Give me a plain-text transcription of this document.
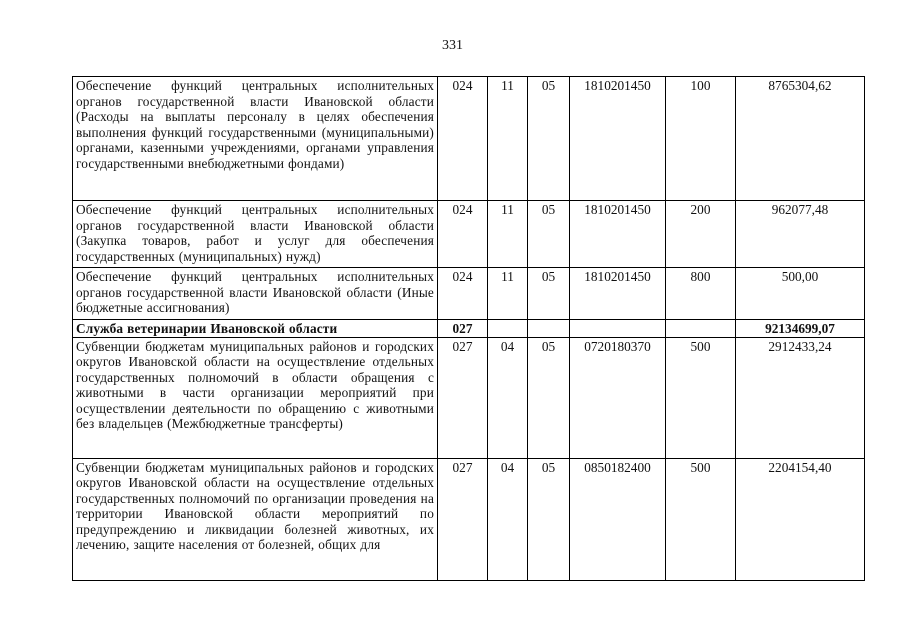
331
Обеспечение функций центральных исполнительных органов государственной власти Ивановской области (Расходы на выплаты персоналу в целях обеспечения выполнения функций государственными (муниципальными) органами, казенными учреждениями, органами управления государственными внебюджетными фондами)	024	11	05	1810201450	100	8765304,62
Обеспечение функций центральных исполнительных органов государственной власти Ивановской области (Закупка товаров, работ и услуг для обеспечения государственных (муниципальных) нужд)	024	11	05	1810201450	200	962077,48
Обеспечение функций центральных исполнительных органов государственной власти Ивановской области (Иные бюджетные ассигнования)	024	11	05	1810201450	800	500,00
Служба ветеринарии Ивановской области	027					92134699,07
Субвенции бюджетам муниципальных районов и городских округов Ивановской области на осуществление отдельных государственных полномочий в области обращения с животными в части организации мероприятий при осуществлении деятельности по обращению с животными без владельцев (Межбюджетные трансферты)	027	04	05	0720180370	500	2912433,24
Субвенции бюджетам муниципальных районов и городских округов Ивановской области на осуществление отдельных государственных полномочий по организации проведения на территории Ивановской области мероприятий по предупреждению и ликвидации болезней животных, их лечению, защите населения от болезней, общих для	027	04	05	0850182400	500	2204154,40
